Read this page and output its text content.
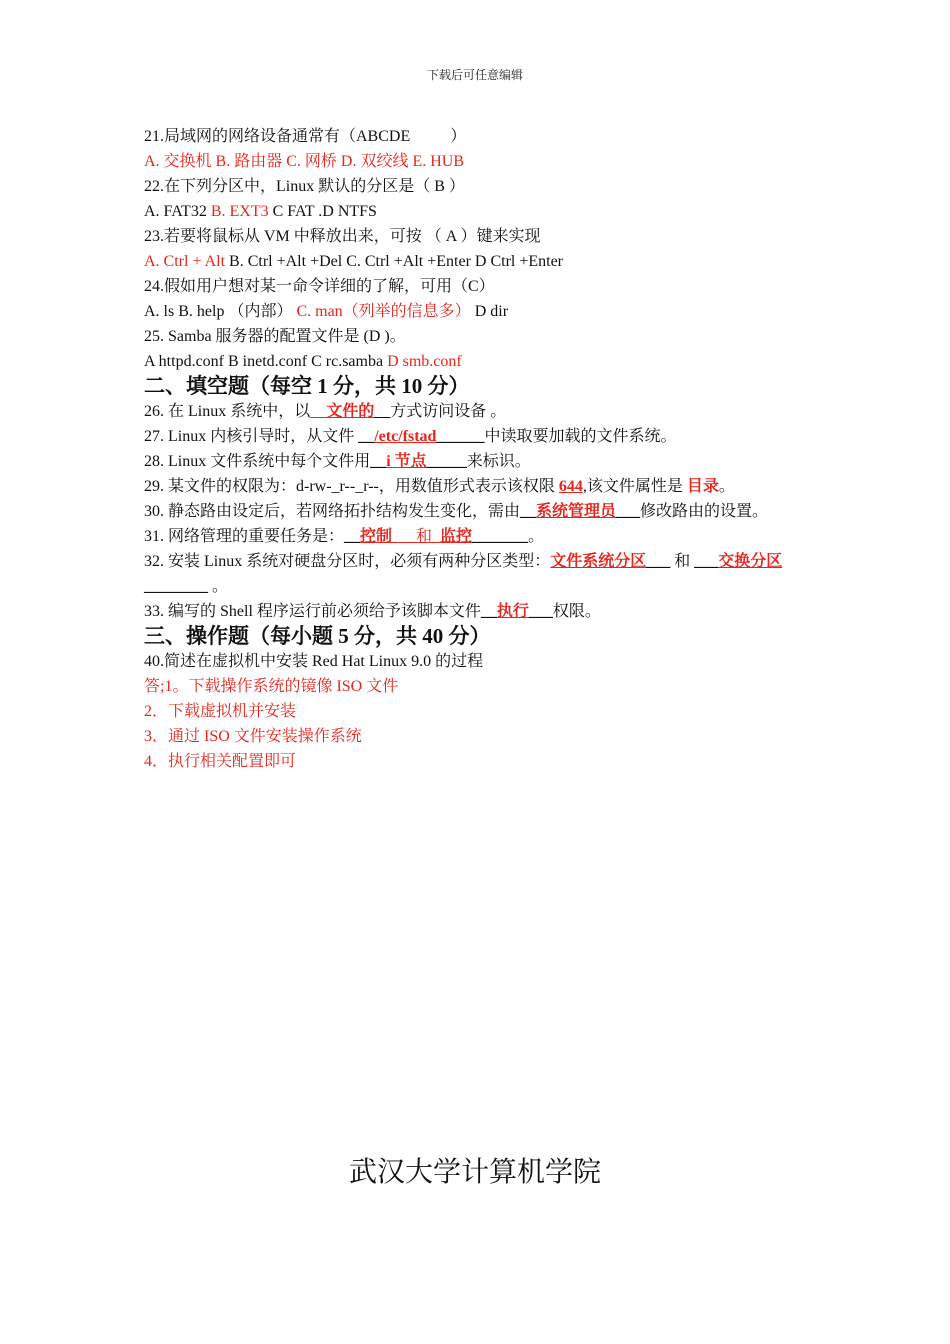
下载后可任意编辑
21.局域网的网络设备通常有（ABCDE	）
A. 交换机 B. 路由器 C. 网桥 D. 双绞线 E. HUB
22.在下列分区中，Linux 默认的分区是（ B ）
A. FAT32 B. EXT3 C FAT .D NTFS
23.若要将鼠标从 VM 中释放出来，可按 （ A ）键来实现
A. Ctrl + Alt B. Ctrl +Alt +Del C. Ctrl +Alt +Enter D Ctrl +Enter
24.假如用户想对某一命令详细的了解，可用（C）
A. ls B. help （内部） C. man（列举的信息多） D dir
25. Samba 服务器的配置文件是 (D )。
A httpd.conf B inetd.conf C rc.samba D smb.conf
二、填空题（每空 1 分，共 10 分）
26. 在 Linux 系统中，以__文件的__方式访问设备 。
27. Linux 内核引导时，从文件 __/etc/fstad______中读取要加载的文件系统。
28. Linux 文件系统中每个文件用__i 节点_____来标识。
29. 某文件的权限为：d-rw-_r--_r--，用数值形式表示该权限 644,该文件属性是 目录。
30. 静态路由设定后，若网络拓扑结构发生变化，需由__系统管理员___修改路由的设置。
31. 网络管理的重要任务是：__控制___和_监控_______。
32. 安装 Linux 系统对硬盘分区时，必须有两种分区类型：文件系统分区___ 和 ___交换分区________ 。
33. 编写的 Shell 程序运行前必须给予该脚本文件__执行___权限。
三、操作题（每小题 5 分，共 40 分）
40.简述在虚拟机中安装 Red Hat Linux 9.0 的过程
答;1。下载操作系统的镜像 ISO 文件
2．下载虚拟机并安装
3．通过 ISO 文件安装操作系统
4．执行相关配置即可
武汉大学计算机学院
